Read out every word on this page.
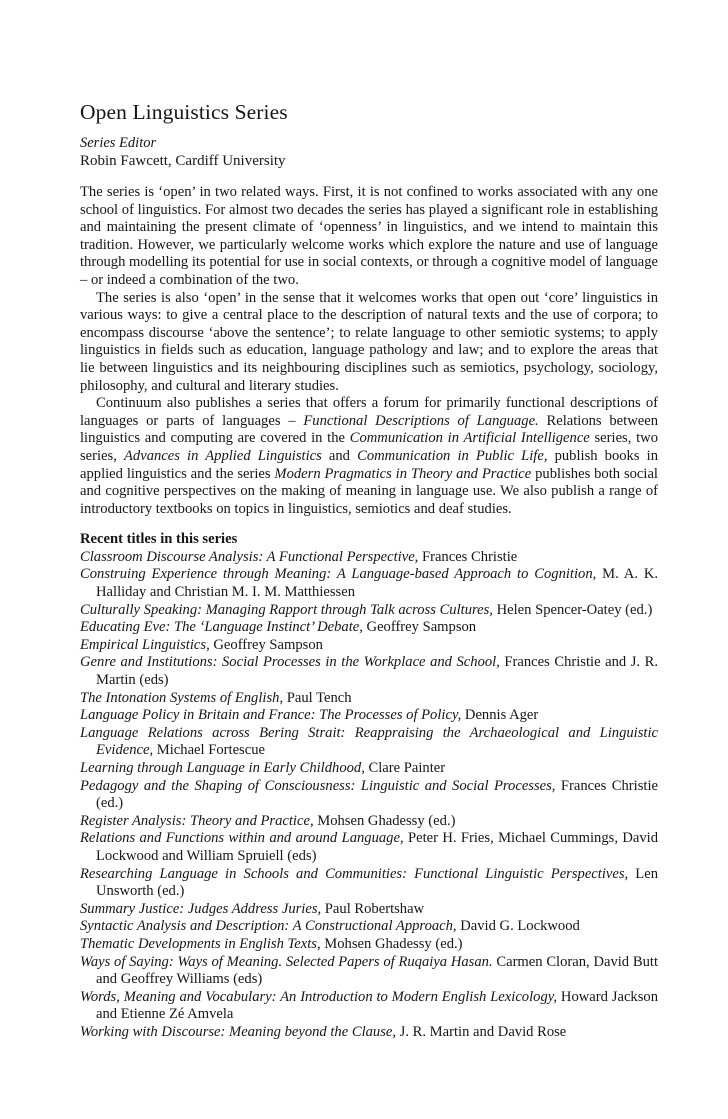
Open Linguistics Series

Series Editor

Robin Fawcett, Cardiff University

The series is ‘open’ in two related ways. First, it is not confined to works associated with any one school of linguistics. For almost two decades the series has played a significant role in establishing and maintaining the present climate of ‘openness’ in linguistics, and we intend to maintain this tradition. However, we particularly welcome works which explore the nature and use of language through modelling its potential for use in social contexts, or through a cognitive model of language – or indeed a combination of the two.

The series is also ‘open’ in the sense that it welcomes works that open out ‘core’ linguistics in various ways: to give a central place to the description of natural texts and the use of corpora; to encompass discourse ‘above the sentence’; to relate language to other semiotic systems; to apply linguistics in fields such as education, language pathology and law; and to explore the areas that lie between linguistics and its neighbouring disciplines such as semiotics, psychology, sociology, philosophy, and cultural and literary studies.

Continuum also publishes a series that offers a forum for primarily functional descriptions of languages or parts of languages – Functional Descriptions of Language. Relations between linguistics and computing are covered in the Communication in Artificial Intelligence series, two series, Advances in Applied Linguistics and Communication in Public Life, publish books in applied linguistics and the series Modern Pragmatics in Theory and Practice publishes both social and cognitive perspectives on the making of meaning in language use. We also publish a range of introductory textbooks on topics in linguistics, semiotics and deaf studies.

Recent titles in this series

Classroom Discourse Analysis: A Functional Perspective, Frances Christie
Construing Experience through Meaning: A Language-based Approach to Cognition, M. A. K. Halliday and Christian M. I. M. Matthiessen
Culturally Speaking: Managing Rapport through Talk across Cultures, Helen Spencer-Oatey (ed.)
Educating Eve: The ‘Language Instinct’ Debate, Geoffrey Sampson
Empirical Linguistics, Geoffrey Sampson
Genre and Institutions: Social Processes in the Workplace and School, Frances Christie and J. R. Martin (eds)
The Intonation Systems of English, Paul Tench
Language Policy in Britain and France: The Processes of Policy, Dennis Ager
Language Relations across Bering Strait: Reappraising the Archaeological and Linguistic Evidence, Michael Fortescue
Learning through Language in Early Childhood, Clare Painter
Pedagogy and the Shaping of Consciousness: Linguistic and Social Processes, Frances Christie (ed.)
Register Analysis: Theory and Practice, Mohsen Ghadessy (ed.)
Relations and Functions within and around Language, Peter H. Fries, Michael Cummings, David Lockwood and William Spruiell (eds)
Researching Language in Schools and Communities: Functional Linguistic Perspectives, Len Unsworth (ed.)
Summary Justice: Judges Address Juries, Paul Robertshaw
Syntactic Analysis and Description: A Constructional Approach, David G. Lockwood
Thematic Developments in English Texts, Mohsen Ghadessy (ed.)
Ways of Saying: Ways of Meaning. Selected Papers of Ruqaiya Hasan. Carmen Cloran, David Butt and Geoffrey Williams (eds)
Words, Meaning and Vocabulary: An Introduction to Modern English Lexicology, Howard Jackson and Etienne Zé Amvela
Working with Discourse: Meaning beyond the Clause, J. R. Martin and David Rose
